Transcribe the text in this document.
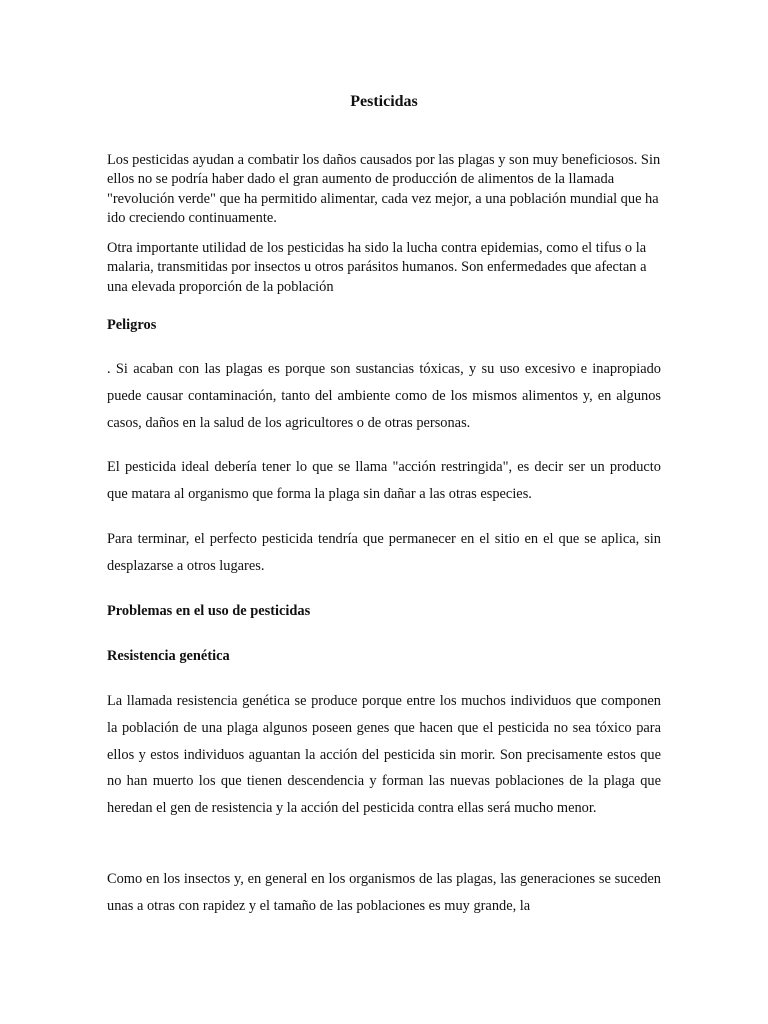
Pesticidas

Los pesticidas ayudan a combatir los daños causados por las plagas y son muy beneficiosos. Sin ellos no se podría haber dado el gran aumento de producción de alimentos de la llamada "revolución verde" que ha permitido alimentar, cada vez mejor, a una población mundial que ha ido creciendo continuamente.

Otra importante utilidad de los pesticidas ha sido la lucha contra epidemias, como el tifus o la malaria, transmitidas por insectos u otros parásitos humanos. Son enfermedades que afectan a una elevada proporción de la población

Peligros

. Si acaban con las plagas es porque son sustancias tóxicas, y su uso excesivo e inapropiado puede causar contaminación, tanto del ambiente como de los mismos alimentos y, en algunos casos, daños en la salud de los agricultores o de otras personas.

El pesticida ideal debería tener lo que se llama "acción restringida", es decir ser un producto que matara al organismo que forma la plaga sin dañar a las otras especies.

Para terminar, el perfecto pesticida tendría que permanecer en el sitio en el que se aplica, sin desplazarse a otros lugares.

Problemas en el uso de pesticidas

Resistencia genética

La llamada resistencia genética se produce porque entre los muchos individuos que componen la población de una plaga algunos poseen genes que hacen que el pesticida no sea tóxico para ellos y estos individuos aguantan la acción del pesticida sin morir. Son precisamente estos que no han muerto los que tienen descendencia y forman las nuevas poblaciones de la plaga que heredan el gen de resistencia y la acción del pesticida contra ellas será mucho menor.

Como en los insectos y, en general en los organismos de las plagas, las generaciones se suceden unas a otras con rapidez y el tamaño de las poblaciones es muy grande, la
